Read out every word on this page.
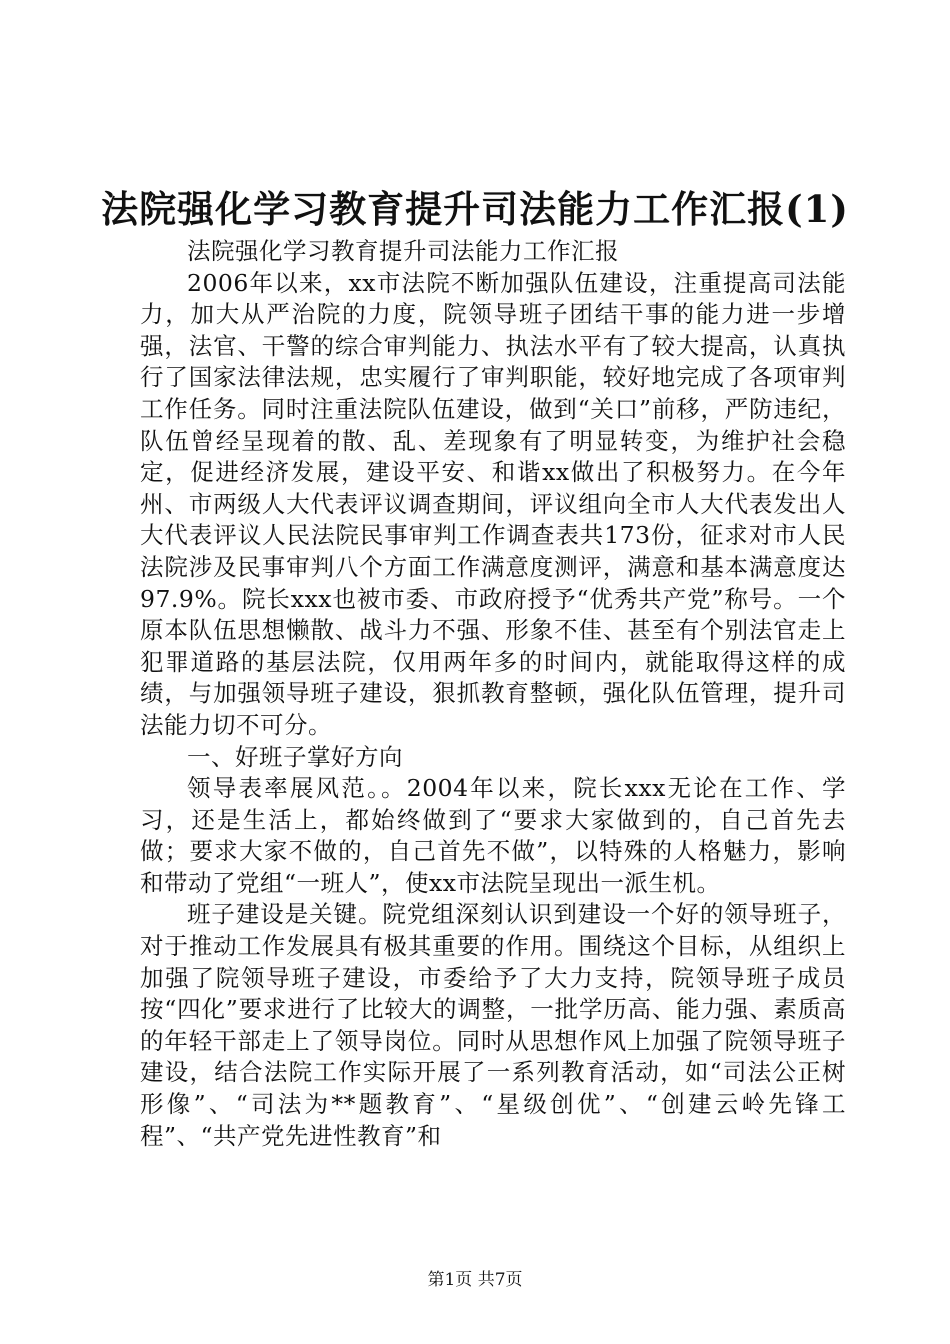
法院强化学习教育提升司法能力工作汇报(1)

法院强化学习教育提升司法能力工作汇报

2006年以来，xx市法院不断加强队伍建设，注重提高司法能力，加大从严治院的力度，院领导班子团结干事的能力进一步增强，法官、干警的综合审判能力、执法水平有了较大提高，认真执行了国家法律法规，忠实履行了审判职能，较好地完成了各项审判工作任务。同时注重法院队伍建设，做到“关口”前移，严防违纪，队伍曾经呈现着的散、乱、差现象有了明显转变，为维护社会稳定，促进经济发展，建设平安、和谐xx做出了积极努力。在今年州、市两级人大代表评议调查期间，评议组向全市人大代表发出人大代表评议人民法院民事审判工作调查表共173份，征求对市人民法院涉及民事审判八个方面工作满意度测评，满意和基本满意度达97.9%。院长xxx也被市委、市政府授予“优秀共产党”称号。一个原本队伍思想懒散、战斗力不强、形象不佳、甚至有个别法官走上犯罪道路的基层法院，仅用两年多的时间内，就能取得这样的成绩，与加强领导班子建设，狠抓教育整顿，强化队伍管理，提升司法能力切不可分。

一、好班子掌好方向

领导表率展风范。。2004年以来，院长xxx无论在工作、学习，还是生活上，都始终做到了“要求大家做到的，自己首先去做；要求大家不做的，自己首先不做”，以特殊的人格魅力，影响和带动了党组“一班人”，使xx市法院呈现出一派生机。

班子建设是关键。院党组深刻认识到建设一个好的领导班子，对于推动工作发展具有极其重要的作用。围绕这个目标，从组织上加强了院领导班子建设，市委给予了大力支持，院领导班子成员按“四化”要求进行了比较大的调整，一批学历高、能力强、素质高的年轻干部走上了领导岗位。同时从思想作风上加强了院领导班子建设，结合法院工作实际开展了一系列教育活动，如“司法公正树形像”、“司法为**题教育”、“星级创优”、“创建云岭先锋工程”、“共产党先进性教育”和

第1页 共7页
